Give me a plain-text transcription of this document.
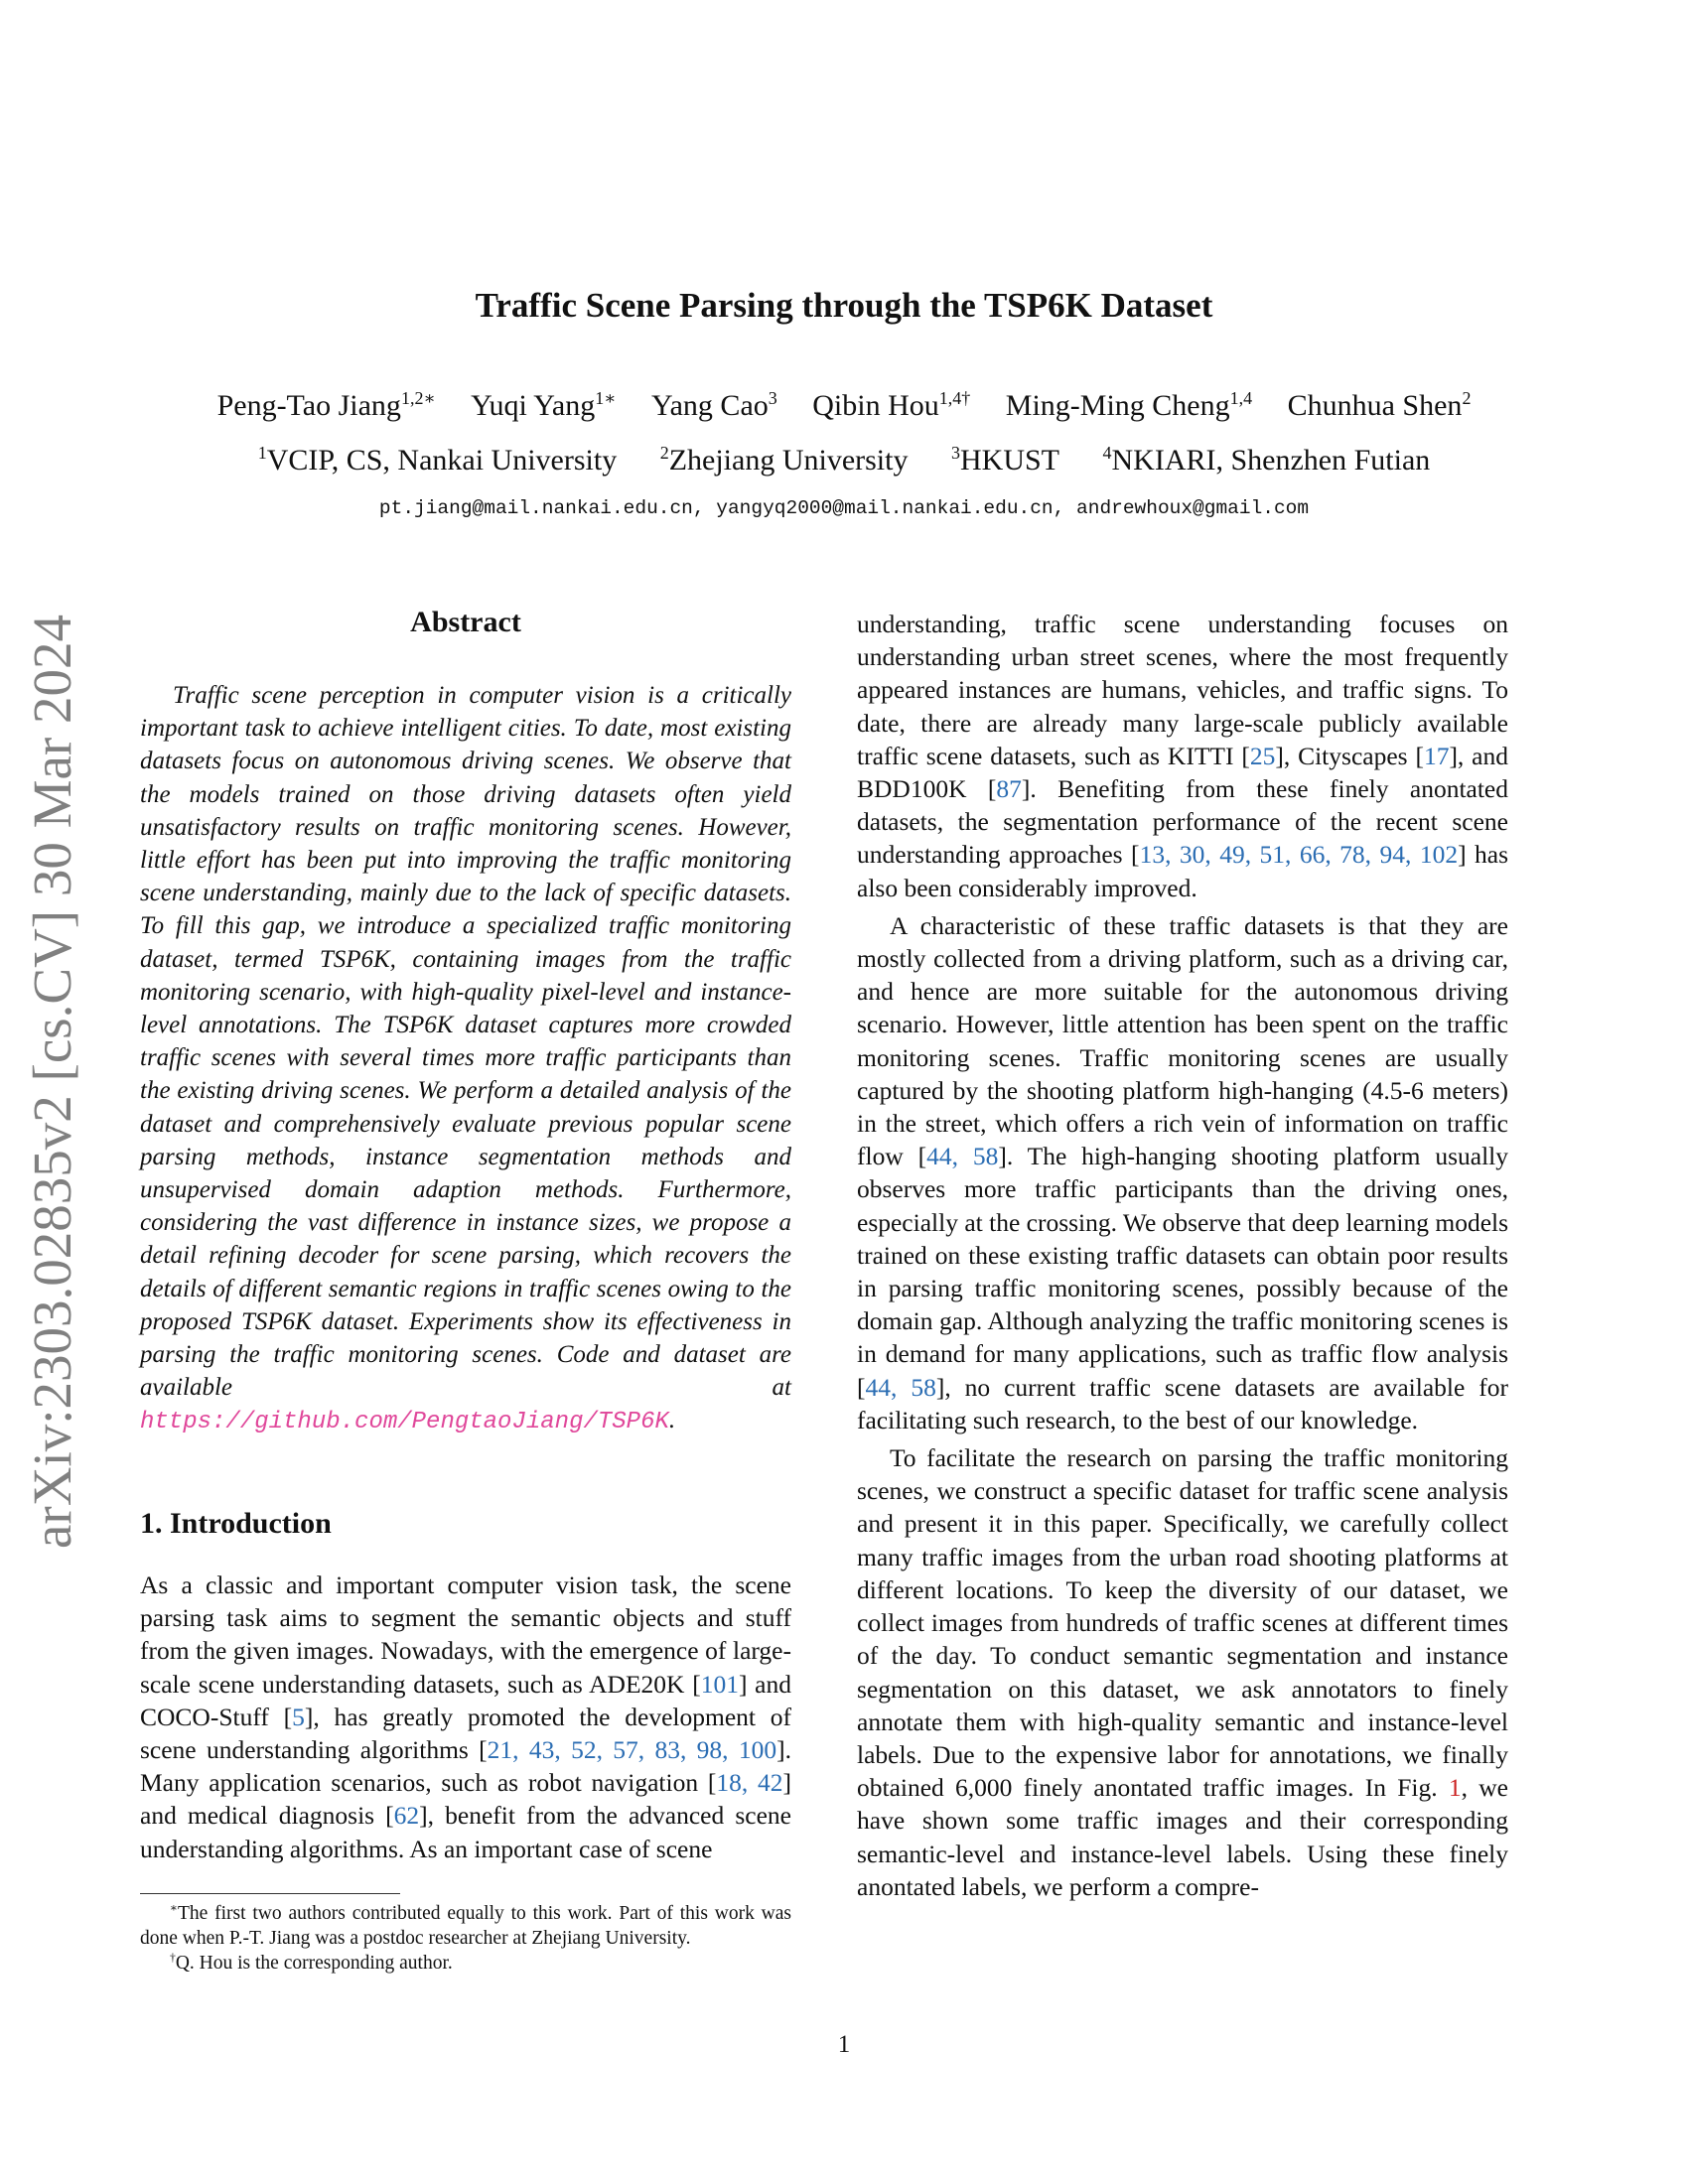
Traffic Scene Parsing through the TSP6K Dataset
Peng-Tao Jiang$^{1,2∗}$ Yuqi Yang$^{1∗}$ Yang Cao$^3$ Qibin Hou$^{1,4\dagger}$ Ming-Ming Cheng$^{1,4}$ Chunhua Shen$^2$
$^1$VCIP, CS, Nankai University $^2$Zhejiang University $^3$HKUST $^4$NKIARI, Shenzhen Futian
pt.jiang@mail.nankai.edu.cn, yangyq2000@mail.nankai.edu.cn, andrewhoux@gmail.com
arXiv:2303.02835v2 [cs.CV] 30 Mar 2024	Abstract

Traffic scene perception in computer vision is a critically important task to achieve intelligent cities. To date, most existing datasets focus on autonomous driving scenes. We observe that the models trained on those driving datasets often yield unsatisfactory results on traffic monitoring scenes. However, little effort has been put into improving the traffic monitoring scene understanding, mainly due to the lack of specific datasets. To fill this gap, we introduce a specialized traffic monitoring dataset, termed TSP6K, containing images from the traffic monitoring scenario, with high-quality pixel-level and instance-level annotations. The TSP6K dataset captures more crowded traffic scenes with several times more traffic participants than the existing driving scenes. We perform a detailed analysis of the dataset and comprehensively evaluate previous popular scene parsing methods, instance segmentation methods and unsupervised domain adaption methods. Furthermore, considering the vast difference in instance sizes, we propose a detail refining decoder for scene parsing, which recovers the details of different semantic regions in traffic scenes owing to the proposed TSP6K dataset. Experiments show its effectiveness in parsing the traffic monitoring scenes. Code and dataset are available at https://github.com/PengtaoJiang/TSP6K.

1. Introduction

As a classic and important computer vision task, the scene parsing task aims to segment the semantic objects and stuff from the given images. Nowadays, with the emergence of large-scale scene understanding datasets, such as ADE20K [101] and COCO-Stuff [5], has greatly promoted the development of scene understanding algorithms [21, 43, 52, 57, 83, 98, 100]. Many application scenarios, such as robot navigation [18, 42] and medical diagnosis [62], benefit from the advanced scene understanding algorithms. As an important case of scene

∗The first two authors contributed equally to this work. Part of this work was done when P.-T. Jiang was a postdoc researcher at Zhejiang University.

†Q. Hou is the corresponding author.

understanding, traffic scene understanding focuses on understanding urban street scenes, where the most frequently appeared instances are humans, vehicles, and traffic signs. To date, there are already many large-scale publicly available traffic scene datasets, such as KITTI [25], Cityscapes [17], and BDD100K [87]. Benefiting from these finely anontated datasets, the segmentation performance of the recent scene understanding approaches [13, 30, 49, 51, 66, 78, 94, 102] has also been considerably improved.

A characteristic of these traffic datasets is that they are mostly collected from a driving platform, such as a driving car, and hence are more suitable for the autonomous driving scenario. However, little attention has been spent on the traffic monitoring scenes. Traffic monitoring scenes are usually captured by the shooting platform high-hanging (4.5-6 meters) in the street, which offers a rich vein of information on traffic flow [44, 58]. The high-hanging shooting platform usually observes more traffic participants than the driving ones, especially at the crossing. We observe that deep learning models trained on these existing traffic datasets can obtain poor results in parsing traffic monitoring scenes, possibly because of the domain gap. Although analyzing the traffic monitoring scenes is in demand for many applications, such as traffic flow analysis [44, 58], no current traffic scene datasets are available for facilitating such research, to the best of our knowledge.

To facilitate the research on parsing the traffic monitoring scenes, we construct a specific dataset for traffic scene analysis and present it in this paper. Specifically, we carefully collect many traffic images from the urban road shooting platforms at different locations. To keep the diversity of our dataset, we collect images from hundreds of traffic scenes at different times of the day. To conduct semantic segmentation and instance segmentation on this dataset, we ask annotators to finely annotate them with high-quality semantic and instance-level labels. Due to the expensive labor for annotations, we finally obtained 6,000 finely anontated traffic images. In Fig. 1, we have shown some traffic images and their corresponding semantic-level and instance-level labels. Using these finely anontated labels, we perform a compre-

1
